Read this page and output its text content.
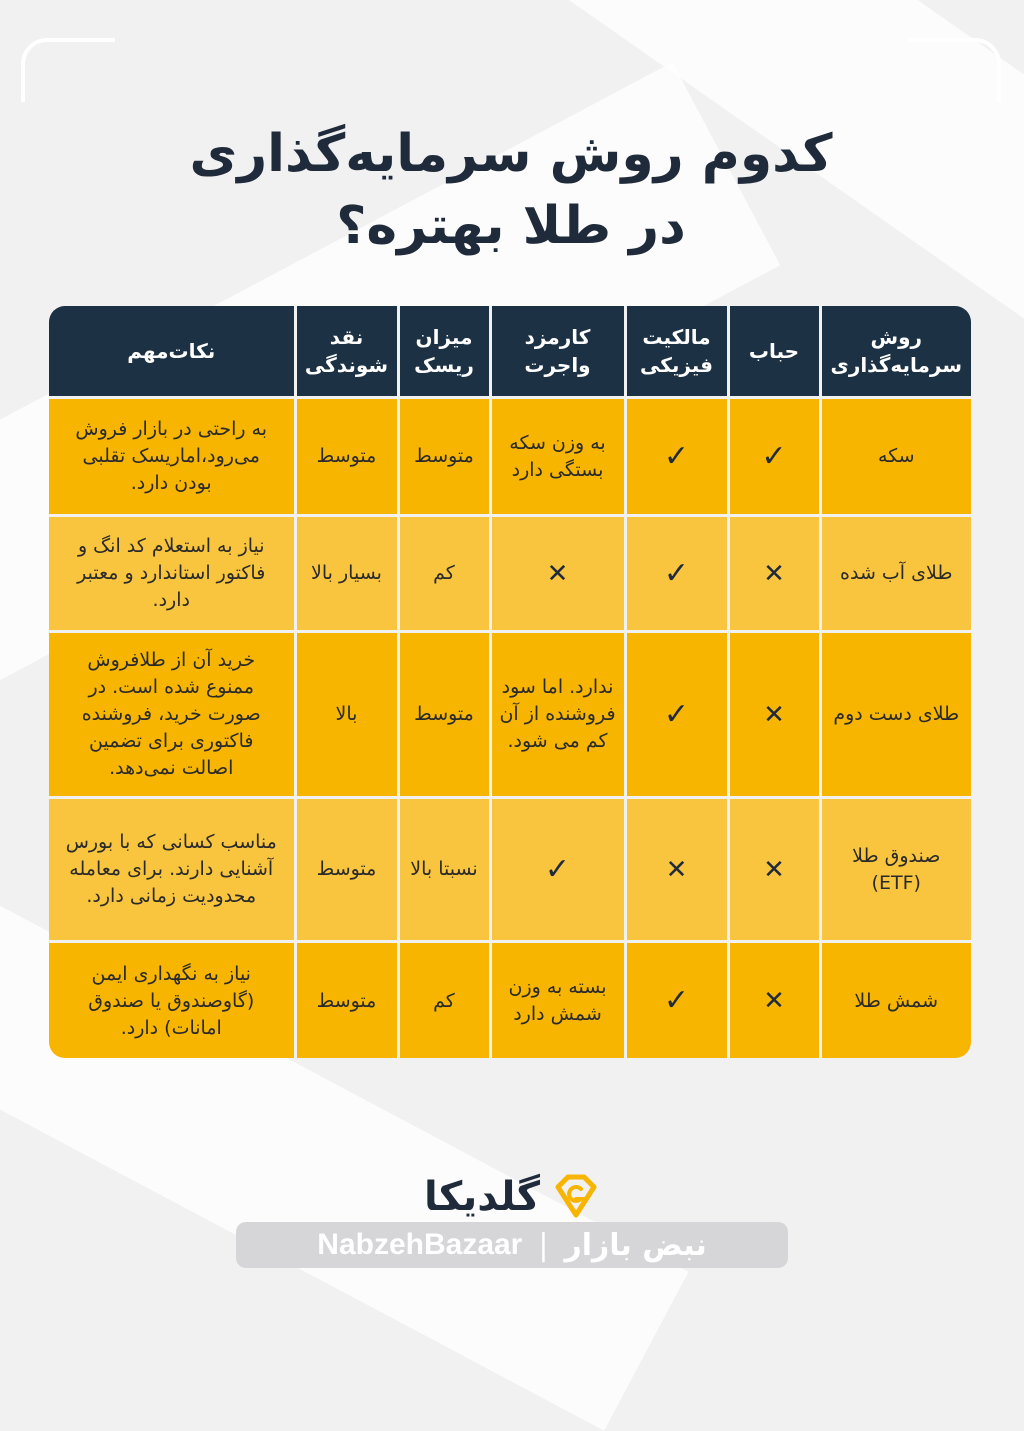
کدوم روش سرمایه‌گذاری
در طلا بهتره؟
روش سرمایه‌گذاری	حباب	مالکیت فیزیکی	کارمزد واجرت	میزان ریسک	نقد شوندگی	نکات‌مهم
سکه	✓	✓	به وزن سکه بستگی دارد	متوسط	متوسط	به راحتی در بازار فروش می‌رود،اماریسک تقلبی بودن دارد.
طلای آب شده	✕	✓	✕	کم	بسیار بالا	نیاز به استعلام کد انگ و فاکتور استاندارد و معتبر دارد.
طلای دست دوم	✕	✓	ندارد. اما سود فروشنده از آن کم می شود.	متوسط	بالا	خرید آن از طلافروش ممنوع شده است. در صورت خرید، فروشنده فاکتوری برای تضمین اصالت نمی‌دهد.
صندوق طلا (ETF)	✕	✕	✓	نسبتا بالا	متوسط	مناسب کسانی که با بورس آشنایی دارند. برای معامله محدودیت زمانی دارد.
شمش طلا	✕	✓	بسته به وزن شمش دارد	کم	متوسط	نیاز به نگهداری ایمن (گاوصندوق یا صندوق امانات) دارد.
گلدیکا
نبض بازار
|
NabzehBazaar
